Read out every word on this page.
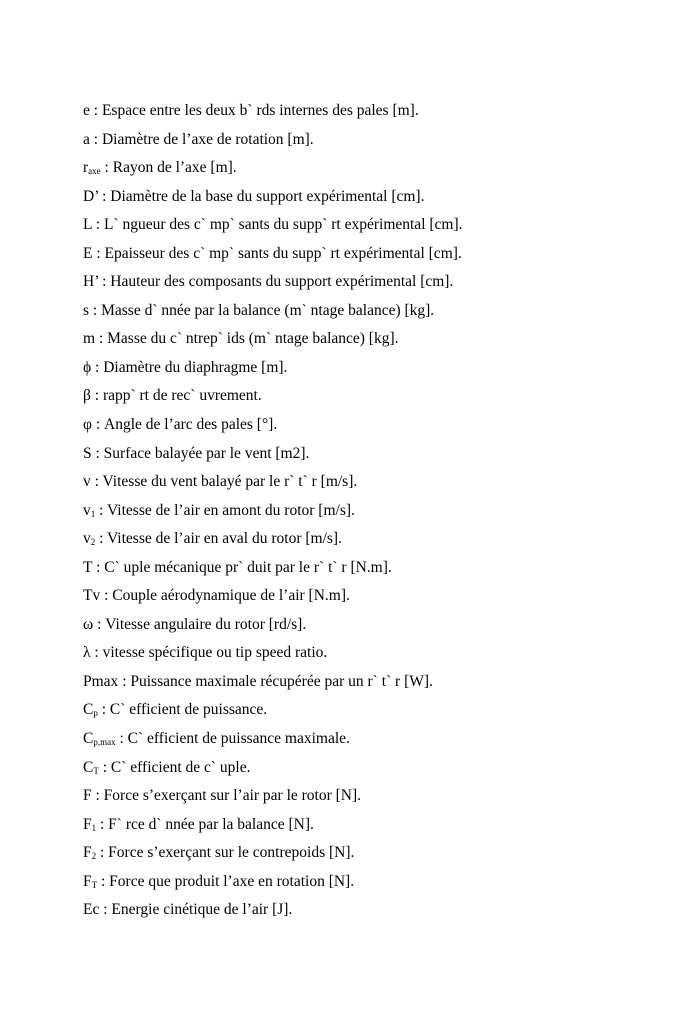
e : Espace entre les deux b` rds internes des pales [m].
a : Diamètre de l’axe de rotation [m].
$r_{axe}$ : Rayon de l’axe [m].
D’ : Diamètre de la base du support expérimental [cm].
L : L` ngueur des c` mp` sants du supp` rt expérimental [cm].
E : Epaisseur des c` mp` sants du supp` rt expérimental [cm].
H’ : Hauteur des composants du support expérimental [cm].
s : Masse d` nnée par la balance (m` ntage balance) [kg].
m : Masse du c` ntrep` ids (m` ntage balance) [kg].
ϕ : Diamètre du diaphragme [m].
β : rapp` rt de rec` uvrement.
φ : Angle de l’arc des pales [°].
S : Surface balayée par le vent [m2].
v : Vitesse du vent balayé par le r` t` r [m/s].
$v_1$ : Vitesse de l’air en amont du rotor [m/s].
$v_2$ : Vitesse de l’air en aval du rotor [m/s].
T : C` uple mécanique pr` duit par le r` t` r [N.m].
Tv : Couple aérodynamique de l’air [N.m].
ω : Vitesse angulaire du rotor [rd/s].
λ : vitesse spécifique ou tip speed ratio.
Pmax : Puissance maximale récupérée par un r` t` r [W].
$C_p$ : C` efficient de puissance.
$C_{p,max}$ : C` efficient de puissance maximale.
$C_T$ : C` efficient de c` uple.
F : Force s’exerçant sur l’air par le rotor [N].
$F_1$ : F` rce d` nnée par la balance [N].
$F_2$ : Force s’exerçant sur le contrepoids [N].
$F_T$ : Force que produit l’axe en rotation [N].
Ec : Energie cinétique de l’air [J].
